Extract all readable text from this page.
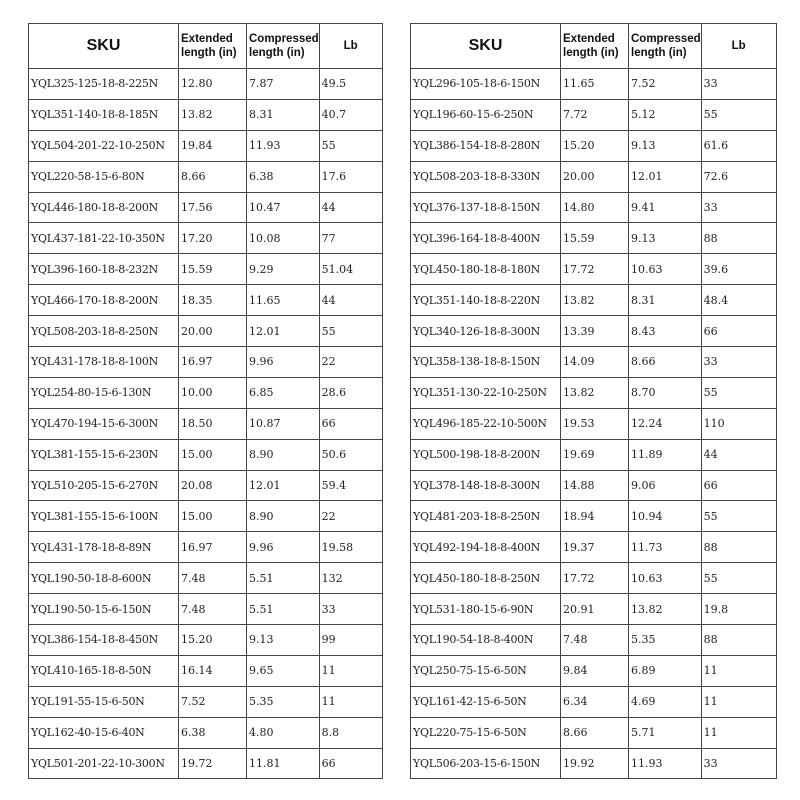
SKU	Extended length (in)	Compressed length (in)	Lb
YQL325-125-18-8-225N	12.80	7.87	49.5
YQL351-140-18-8-185N	13.82	8.31	40.7
YQL504-201-22-10-250N	19.84	11.93	55
YQL220-58-15-6-80N	8.66	6.38	17.6
YQL446-180-18-8-200N	17.56	10.47	44
YQL437-181-22-10-350N	17.20	10.08	77
YQL396-160-18-8-232N	15.59	9.29	51.04
YQL466-170-18-8-200N	18.35	11.65	44
YQL508-203-18-8-250N	20.00	12.01	55
YQL431-178-18-8-100N	16.97	9.96	22
YQL254-80-15-6-130N	10.00	6.85	28.6
YQL470-194-15-6-300N	18.50	10.87	66
YQL381-155-15-6-230N	15.00	8.90	50.6
YQL510-205-15-6-270N	20.08	12.01	59.4
YQL381-155-15-6-100N	15.00	8.90	22
YQL431-178-18-8-89N	16.97	9.96	19.58
YQL190-50-18-8-600N	7.48	5.51	132
YQL190-50-15-6-150N	7.48	5.51	33
YQL386-154-18-8-450N	15.20	9.13	99
YQL410-165-18-8-50N	16.14	9.65	11
YQL191-55-15-6-50N	7.52	5.35	11
YQL162-40-15-6-40N	6.38	4.80	8.8
YQL501-201-22-10-300N	19.72	11.81	66
SKU	Extended length (in)	Compressed length (in)	Lb
YQL296-105-18-6-150N	11.65	7.52	33
YQL196-60-15-6-250N	7.72	5.12	55
YQL386-154-18-8-280N	15.20	9.13	61.6
YQL508-203-18-8-330N	20.00	12.01	72.6
YQL376-137-18-8-150N	14.80	9.41	33
YQL396-164-18-8-400N	15.59	9.13	88
YQL450-180-18-8-180N	17.72	10.63	39.6
YQL351-140-18-8-220N	13.82	8.31	48.4
YQL340-126-18-8-300N	13.39	8.43	66
YQL358-138-18-8-150N	14.09	8.66	33
YQL351-130-22-10-250N	13.82	8.70	55
YQL496-185-22-10-500N	19.53	12.24	110
YQL500-198-18-8-200N	19.69	11.89	44
YQL378-148-18-8-300N	14.88	9.06	66
YQL481-203-18-8-250N	18.94	10.94	55
YQL492-194-18-8-400N	19.37	11.73	88
YQL450-180-18-8-250N	17.72	10.63	55
YQL531-180-15-6-90N	20.91	13.82	19.8
YQL190-54-18-8-400N	7.48	5.35	88
YQL250-75-15-6-50N	9.84	6.89	11
YQL161-42-15-6-50N	6.34	4.69	11
YQL220-75-15-6-50N	8.66	5.71	11
YQL506-203-15-6-150N	19.92	11.93	33
